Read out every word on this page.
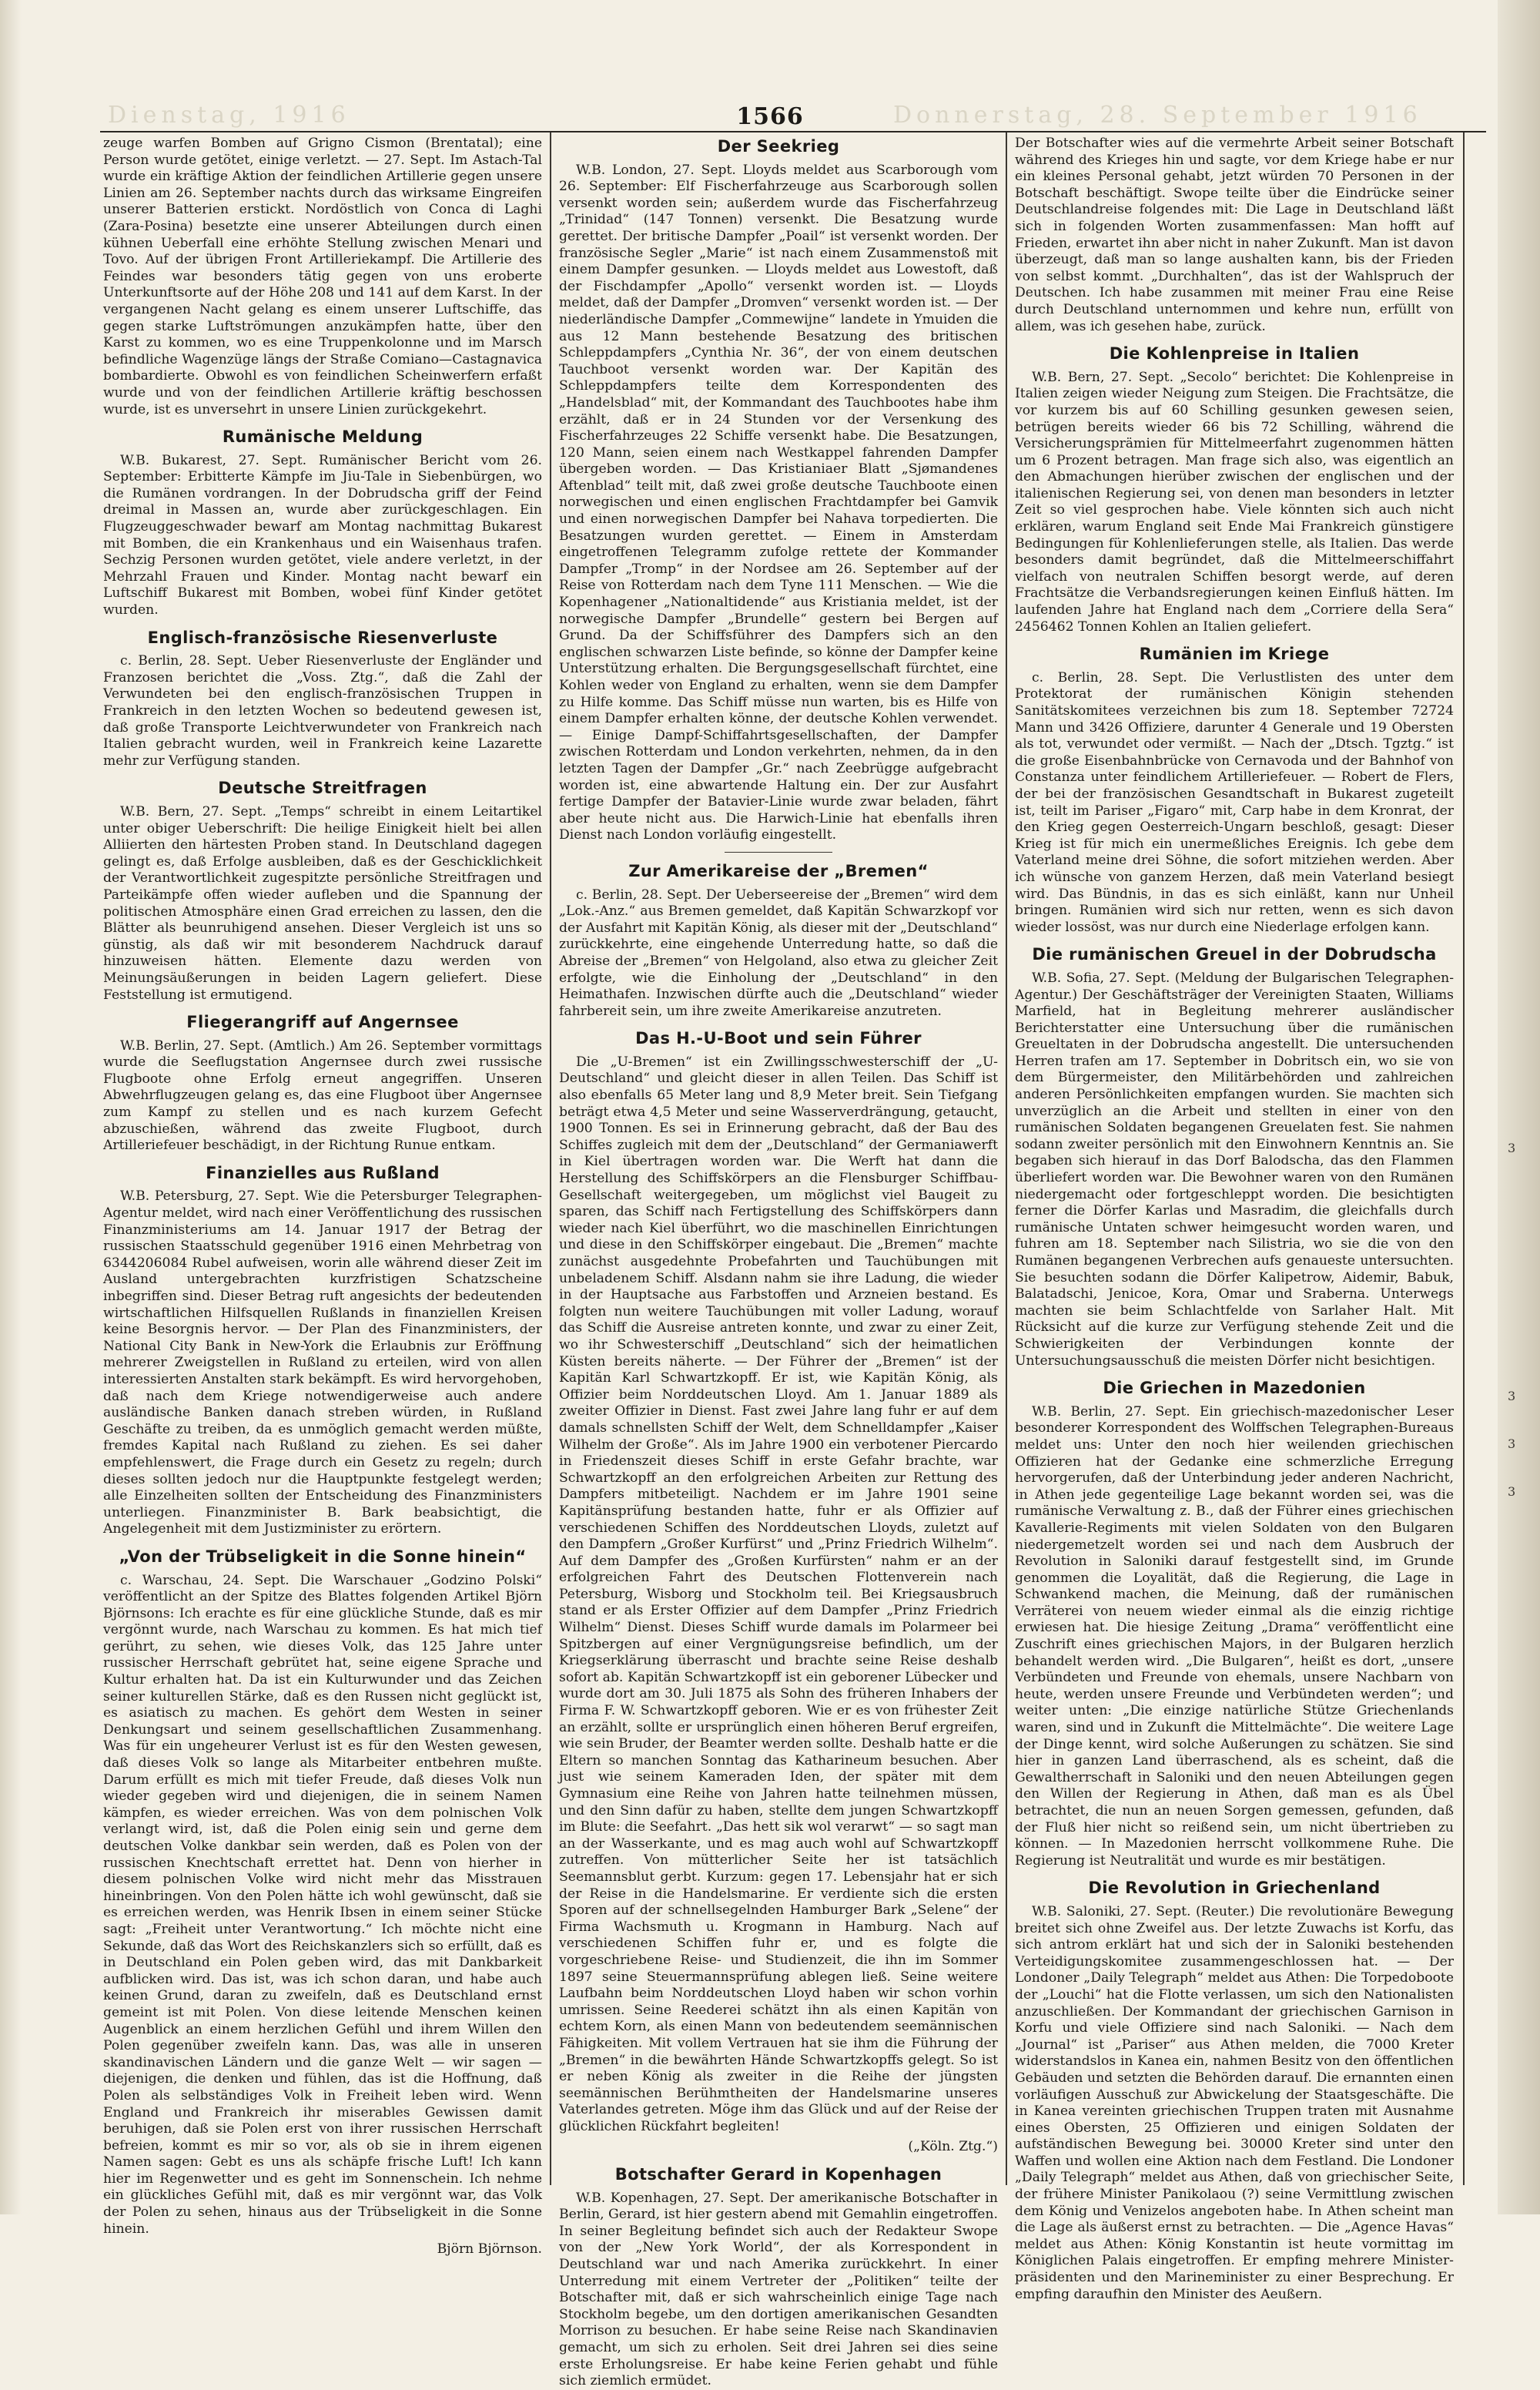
Dienstag, 1916	1566	Donnerstag, 28. September 1916

zeuge warfen Bomben auf Grigno Cismon (Brentatal); eine Person wurde getötet, einige verletzt. — 27. Sept. Im Astach-Tal wurde ein kräftige Aktion der feindlichen Artillerie gegen unsere Linien am 26. September nachts durch das wirksame Eingreifen unserer Batterien erstickt. Nordöstlich von Conca di Laghi (Zara-Posina) besetzte eine unserer Abteilungen durch einen kühnen Ueberfall eine erhöhte Stellung zwischen Menari und Tovo. Auf der übrigen Front Artilleriekampf. Die Artillerie des Feindes war besonders tätig gegen von uns eroberte Unterkunftsorte auf der Höhe 208 und 141 auf dem Karst. In der vergangenen Nacht gelang es einem unserer Luftschiffe, das gegen starke Luftströmungen anzukämpfen hatte, über den Karst zu kommen, wo es eine Truppenkolonne und im Marsch befindliche Wagenzüge längs der Straße Comiano—Castagnavica bombardierte. Obwohl es von feindlichen Scheinwerfern erfaßt wurde und von der feindlichen Artillerie kräftig beschossen wurde, ist es unversehrt in unsere Linien zurückgekehrt.

Rumänische Meldung

W.B. Bukarest, 27. Sept. Rumänischer Bericht vom 26. September: Erbitterte Kämpfe im Jiu-Tale in Siebenbürgen, wo die Rumänen vordrangen. In der Dobrudscha griff der Feind dreimal in Massen an, wurde aber zurückgeschlagen. Ein Flugzeuggeschwader bewarf am Montag nachmittag Bukarest mit Bomben, die ein Krankenhaus und ein Waisenhaus trafen. Sechzig Personen wurden getötet, viele andere verletzt, in der Mehrzahl Frauen und Kinder. Montag nacht bewarf ein Luftschiff Bukarest mit Bomben, wobei fünf Kinder getötet wurden.

Englisch-französische Riesenverluste

c. Berlin, 28. Sept. Ueber Riesenverluste der Engländer und Franzosen berichtet die „Voss. Ztg.“, daß die Zahl der Verwundeten bei den englisch-französischen Truppen in Frankreich in den letzten Wochen so bedeutend gewesen ist, daß große Transporte Leichtverwundeter von Frankreich nach Italien gebracht wurden, weil in Frankreich keine Lazarette mehr zur Verfügung standen.

Deutsche Streitfragen

W.B. Bern, 27. Sept. „Temps“ schreibt in einem Leitartikel unter obiger Ueberschrift: Die heilige Einigkeit hielt bei allen Alliierten den härtesten Proben stand. In Deutschland dagegen gelingt es, daß Erfolge ausbleiben, daß es der Geschicklichkeit der Verantwortlichkeit zugespitzte persönliche Streitfragen und Parteikämpfe offen wieder aufleben und die Spannung der politischen Atmosphäre einen Grad erreichen zu lassen, den die Blätter als beunruhigend ansehen. Dieser Vergleich ist uns so günstig, als daß wir mit besonderem Nachdruck darauf hinzuweisen hätten. Elemente dazu werden von Meinungsäußerungen in beiden Lagern geliefert. Diese Feststellung ist ermutigend.

Fliegerangriff auf Angernsee

W.B. Berlin, 27. Sept. (Amtlich.) Am 26. September vormittags wurde die Seeflugstation Angernsee durch zwei russische Flugboote ohne Erfolg erneut angegriffen. Unseren Abwehrflugzeugen gelang es, das eine Flugboot über Angernsee zum Kampf zu stellen und es nach kurzem Gefecht abzuschießen, während das zweite Flugboot, durch Artilleriefeuer beschädigt, in der Richtung Runue entkam.

Finanzielles aus Rußland

W.B. Petersburg, 27. Sept. Wie die Petersburger Telegraphen-Agentur meldet, wird nach einer Veröffentlichung des russischen Finanzministeriums am 14. Januar 1917 der Betrag der russischen Staatsschuld gegenüber 1916 einen Mehrbetrag von 6344206084 Rubel aufweisen, worin alle während dieser Zeit im Ausland untergebrachten kurzfristigen Schatzscheine inbegriffen sind. Dieser Betrag ruft angesichts der bedeutenden wirtschaftlichen Hilfsquellen Rußlands in finanziellen Kreisen keine Besorgnis hervor. — Der Plan des Finanzministers, der National City Bank in New-York die Erlaubnis zur Eröffnung mehrerer Zweigstellen in Rußland zu erteilen, wird von allen interessierten Anstalten stark bekämpft. Es wird hervorgehoben, daß nach dem Kriege notwendigerweise auch andere ausländische Banken danach streben würden, in Rußland Geschäfte zu treiben, da es unmöglich gemacht werden müßte, fremdes Kapital nach Rußland zu ziehen. Es sei daher empfehlenswert, die Frage durch ein Gesetz zu regeln; durch dieses sollten jedoch nur die Hauptpunkte festgelegt werden; alle Einzelheiten sollten der Entscheidung des Finanzministers unterliegen. Finanzminister B. Bark beabsichtigt, die Angelegenheit mit dem Justizminister zu erörtern.

„Von der Trübseligkeit in die Sonne hinein“

c. Warschau, 24. Sept. Die Warschauer „Godzino Polski“ veröffentlicht an der Spitze des Blattes folgenden Artikel Björn Björnsons: Ich erachte es für eine glückliche Stunde, daß es mir vergönnt wurde, nach Warschau zu kommen. Es hat mich tief gerührt, zu sehen, wie dieses Volk, das 125 Jahre unter russischer Herrschaft gebrütet hat, seine eigene Sprache und Kultur erhalten hat. Da ist ein Kulturwunder und das Zeichen seiner kulturellen Stärke, daß es den Russen nicht geglückt ist, es asiatisch zu machen. Es gehört dem Westen in seiner Denkungsart und seinem gesellschaftlichen Zusammenhang. Was für ein ungeheurer Verlust ist es für den Westen gewesen, daß dieses Volk so lange als Mitarbeiter entbehren mußte. Darum erfüllt es mich mit tiefer Freude, daß dieses Volk nun wieder gegeben wird und diejenigen, die in seinem Namen kämpfen, es wieder erreichen. Was von dem polnischen Volk verlangt wird, ist, daß die Polen einig sein und gerne dem deutschen Volke dankbar sein werden, daß es Polen von der russischen Knechtschaft errettet hat. Denn von hierher in diesem polnischen Volke wird nicht mehr das Misstrauen hineinbringen. Von den Polen hätte ich wohl gewünscht, daß sie es erreichen werden, was Henrik Ibsen in einem seiner Stücke sagt: „Freiheit unter Verantwortung.“ Ich möchte nicht eine Sekunde, daß das Wort des Reichskanzlers sich so erfüllt, daß es in Deutschland ein Polen geben wird, das mit Dankbarkeit aufblicken wird. Das ist, was ich schon daran, und habe auch keinen Grund, daran zu zweifeln, daß es Deutschland ernst gemeint ist mit Polen. Von diese leitende Menschen keinen Augenblick an einem herzlichen Gefühl und ihrem Willen den Polen gegenüber zweifeln kann. Das, was alle in unseren skandinavischen Ländern und die ganze Welt — wir sagen — diejenigen, die denken und fühlen, das ist die Hoffnung, daß Polen als selbständiges Volk in Freiheit leben wird. Wenn England und Frankreich ihr miserables Gewissen damit beruhigen, daß sie Polen erst von ihrer russischen Herrschaft befreien, kommt es mir so vor, als ob sie in ihrem eigenen Namen sagen: Gebt es uns als schäpfe frische Luft! Ich kann hier im Regenwetter und es geht im Sonnenschein. Ich nehme ein glückliches Gefühl mit, daß es mir vergönnt war, das Volk der Polen zu sehen, hinaus aus der Trübseligkeit in die Sonne hinein.

Björn Björnson.
Der Seekrieg

W.B. London, 27. Sept. Lloyds meldet aus Scarborough vom 26. September: Elf Fischerfahrzeuge aus Scarborough sollen versenkt worden sein; außerdem wurde das Fischerfahrzeug „Trinidad“ (147 Tonnen) versenkt. Die Besatzung wurde gerettet. Der britische Dampfer „Poail“ ist versenkt worden. Der französische Segler „Marie“ ist nach einem Zusammenstoß mit einem Dampfer gesunken. — Lloyds meldet aus Lowestoft, daß der Fischdampfer „Apollo“ versenkt worden ist. — Lloyds meldet, daß der Dampfer „Dromven“ versenkt worden ist. — Der niederländische Dampfer „Commewijne“ landete in Ymuiden die aus 12 Mann bestehende Besatzung des britischen Schleppdampfers „Cynthia Nr. 36“, der von einem deutschen Tauchboot versenkt worden war. Der Kapitän des Schleppdampfers teilte dem Korrespondenten des „Handelsblad“ mit, der Kommandant des Tauchbootes habe ihm erzählt, daß er in 24 Stunden vor der Versenkung des Fischerfahrzeuges 22 Schiffe versenkt habe. Die Besatzungen, 120 Mann, seien einem nach Westkappel fahrenden Dampfer übergeben worden. — Das Kristianiaer Blatt „Sjømandenes Aftenblad“ teilt mit, daß zwei große deutsche Tauchboote einen norwegischen und einen englischen Frachtdampfer bei Gamvik und einen norwegischen Dampfer bei Nahava torpedierten. Die Besatzungen wurden gerettet. — Einem in Amsterdam eingetroffenen Telegramm zufolge rettete der Kommander Dampfer „Tromp“ in der Nordsee am 26. September auf der Reise von Rotterdam nach dem Tyne 111 Menschen. — Wie die Kopenhagener „Nationaltidende“ aus Kristiania meldet, ist der norwegische Dampfer „Brundelle“ gestern bei Bergen auf Grund. Da der Schiffsführer des Dampfers sich an den englischen schwarzen Liste befinde, so könne der Dampfer keine Unterstützung erhalten. Die Bergungsgesellschaft fürchtet, eine Kohlen weder von England zu erhalten, wenn sie dem Dampfer zu Hilfe komme. Das Schiff müsse nun warten, bis es Hilfe von einem Dampfer erhalten könne, der deutsche Kohlen verwendet. — Einige Dampf-Schiffahrtsgesellschaften, der Dampfer zwischen Rotterdam und London verkehrten, nehmen, da in den letzten Tagen der Dampfer „Gr.“ nach Zeebrügge aufgebracht worden ist, eine abwartende Haltung ein. Der zur Ausfahrt fertige Dampfer der Batavier-Linie wurde zwar beladen, fährt aber heute nicht aus. Die Harwich-Linie hat ebenfalls ihren Dienst nach London vorläufig eingestellt.

Zur Amerikareise der „Bremen“

c. Berlin, 28. Sept. Der Ueberseereise der „Bremen“ wird dem „Lok.-Anz.“ aus Bremen gemeldet, daß Kapitän Schwarzkopf vor der Ausfahrt mit Kapitän König, als dieser mit der „Deutschland“ zurückkehrte, eine eingehende Unterredung hatte, so daß die Abreise der „Bremen“ von Helgoland, also etwa zu gleicher Zeit erfolgte, wie die Einholung der „Deutschland“ in den Heimathafen. Inzwischen dürfte auch die „Deutschland“ wieder fahrbereit sein, um ihre zweite Amerikareise anzutreten.

Das H.-U-Boot und sein Führer

Die „U-Bremen“ ist ein Zwillingsschwesterschiff der „U-Deutschland“ und gleicht dieser in allen Teilen. Das Schiff ist also ebenfalls 65 Meter lang und 8,9 Meter breit. Sein Tiefgang beträgt etwa 4,5 Meter und seine Wasserverdrängung, getaucht, 1900 Tonnen. Es sei in Erinnerung gebracht, daß der Bau des Schiffes zugleich mit dem der „Deutschland“ der Germaniawerft in Kiel übertragen worden war. Die Werft hat dann die Herstellung des Schiffskörpers an die Flensburger Schiffbau-Gesellschaft weitergegeben, um möglichst viel Baugeit zu sparen, das Schiff nach Fertigstellung des Schiffskörpers dann wieder nach Kiel überführt, wo die maschinellen Einrichtungen und diese in den Schiffskörper eingebaut. Die „Bremen“ machte zunächst ausgedehnte Probefahrten und Tauchübungen mit unbeladenem Schiff. Alsdann nahm sie ihre Ladung, die wieder in der Hauptsache aus Farbstoffen und Arzneien bestand. Es folgten nun weitere Tauchübungen mit voller Ladung, worauf das Schiff die Ausreise antreten konnte, und zwar zu einer Zeit, wo ihr Schwesterschiff „Deutschland“ sich der heimatlichen Küsten bereits näherte. — Der Führer der „Bremen“ ist der Kapitän Karl Schwartzkopff. Er ist, wie Kapitän König, als Offizier beim Norddeutschen Lloyd. Am 1. Januar 1889 als zweiter Offizier in Dienst. Fast zwei Jahre lang fuhr er auf dem damals schnellsten Schiff der Welt, dem Schnelldampfer „Kaiser Wilhelm der Große“. Als im Jahre 1900 ein verbotener Piercardo in Friedenszeit dieses Schiff in erste Gefahr brachte, war Schwartzkopff an den erfolgreichen Arbeiten zur Rettung des Dampfers mitbeteiligt. Nachdem er im Jahre 1901 seine Kapitänsprüfung bestanden hatte, fuhr er als Offizier auf verschiedenen Schiffen des Norddeutschen Lloyds, zuletzt auf den Dampfern „Großer Kurfürst“ und „Prinz Friedrich Wilhelm“. Auf dem Dampfer des „Großen Kurfürsten“ nahm er an der erfolgreichen Fahrt des Deutschen Flottenverein nach Petersburg, Wisborg und Stockholm teil. Bei Kriegsausbruch stand er als Erster Offizier auf dem Dampfer „Prinz Friedrich Wilhelm“ Dienst. Dieses Schiff wurde damals im Polarmeer bei Spitzbergen auf einer Vergnügungsreise befindlich, um der Kriegserklärung überrascht und brachte seine Reise deshalb sofort ab. Kapitän Schwartzkopff ist ein geborener Lübecker und wurde dort am 30. Juli 1875 als Sohn des früheren Inhabers der Firma F. W. Schwartzkopff geboren. Wie er es von frühester Zeit an erzählt, sollte er ursprünglich einen höheren Beruf ergreifen, wie sein Bruder, der Beamter werden sollte. Deshalb hatte er die Eltern so manchen Sonntag das Katharineum besuchen. Aber just wie seinem Kameraden Iden, der später mit dem Gymnasium eine Reihe von Jahren hatte teilnehmen müssen, und den Sinn dafür zu haben, stellte dem jungen Schwartzkopff im Blute: die Seefahrt. „Das hett sik wol verarwt“ — so sagt man an der Wasserkante, und es mag auch wohl auf Schwartzkopff zutreffen. Von mütterlicher Seite her ist tatsächlich Seemannsblut gerbt. Kurzum: gegen 17. Lebensjahr hat er sich der Reise in die Handelsmarine. Er verdiente sich die ersten Sporen auf der schnellsegelnden Hamburger Bark „Selene“ der Firma Wachsmuth u. Krogmann in Hamburg. Nach auf verschiedenen Schiffen fuhr er, und es folgte die vorgeschriebene Reise- und Studienzeit, die ihn im Sommer 1897 seine Steuermannsprüfung ablegen ließ. Seine weitere Laufbahn beim Norddeutschen Lloyd haben wir schon vorhin umrissen. Seine Reederei schätzt ihn als einen Kapitän von echtem Korn, als einen Mann von bedeutendem seemännischen Fähigkeiten. Mit vollem Vertrauen hat sie ihm die Führung der „Bremen“ in die bewährten Hände Schwartzkopffs gelegt. So ist er neben König als zweiter in die Reihe der jüngsten seemännischen Berühmtheiten der Handelsmarine unseres Vaterlandes getreten. Möge ihm das Glück und auf der Reise der glücklichen Rückfahrt begleiten!

(„Köln. Ztg.“)
Botschafter Gerard in Kopenhagen

W.B. Kopenhagen, 27. Sept. Der amerikanische Botschafter in Berlin, Gerard, ist hier gestern abend mit Gemahlin eingetroffen. In seiner Begleitung befindet sich auch der Redakteur Swope von der „New York World“, der als Korrespondent in Deutschland war und nach Amerika zurückkehrt. In einer Unterredung mit einem Vertreter der „Politiken“ teilte der Botschafter mit, daß er sich wahrscheinlich einige Tage nach Stockholm begebe, um den dortigen amerikanischen Gesandten Morrison zu besuchen. Er habe seine Reise nach Skandinavien gemacht, um sich zu erholen. Seit drei Jahren sei dies seine erste Erholungsreise. Er habe keine Ferien gehabt und fühle sich ziemlich ermüdet.

Der Botschafter wies auf die vermehrte Arbeit seiner Botschaft während des Krieges hin und sagte, vor dem Kriege habe er nur ein kleines Personal gehabt, jetzt würden 70 Personen in der Botschaft beschäftigt. Swope teilte über die Eindrücke seiner Deutschlandreise folgendes mit: Die Lage in Deutschland läßt sich in folgenden Worten zusammenfassen: Man hofft auf Frieden, erwartet ihn aber nicht in naher Zukunft. Man ist davon überzeugt, daß man so lange aushalten kann, bis der Frieden von selbst kommt. „Durchhalten“, das ist der Wahlspruch der Deutschen. Ich habe zusammen mit meiner Frau eine Reise durch Deutschland unternommen und kehre nun, erfüllt von allem, was ich gesehen habe, zurück.

Die Kohlenpreise in Italien

W.B. Bern, 27. Sept. „Secolo“ berichtet: Die Kohlenpreise in Italien zeigen wieder Neigung zum Steigen. Die Frachtsätze, die vor kurzem bis auf 60 Schilling gesunken gewesen seien, betrügen bereits wieder 66 bis 72 Schilling, während die Versicherungsprämien für Mittelmeerfahrt zugenommen hätten um 6 Prozent betragen. Man frage sich also, was eigentlich an den Abmachungen hierüber zwischen der englischen und der italienischen Regierung sei, von denen man besonders in letzter Zeit so viel gesprochen habe. Viele könnten sich auch nicht erklären, warum England seit Ende Mai Frankreich günstigere Bedingungen für Kohlenlieferungen stelle, als Italien. Das werde besonders damit begründet, daß die Mittelmeerschiffahrt vielfach von neutralen Schiffen besorgt werde, auf deren Frachtsätze die Verbandsregierungen keinen Einfluß hätten. Im laufenden Jahre hat England nach dem „Corriere della Sera“ 2456462 Tonnen Kohlen an Italien geliefert.

Rumänien im Kriege

c. Berlin, 28. Sept. Die Verlustlisten des unter dem Protektorat der rumänischen Königin stehenden Sanitätskomitees verzeichnen bis zum 18. September 72724 Mann und 3426 Offiziere, darunter 4 Generale und 19 Obersten als tot, verwundet oder vermißt. — Nach der „Dtsch. Tgztg.“ ist die große Eisenbahnbrücke von Cernavoda und der Bahnhof von Constanza unter feindlichem Artilleriefeuer. — Robert de Flers, der bei der französischen Gesandtschaft in Bukarest zugeteilt ist, teilt im Pariser „Figaro“ mit, Carp habe in dem Kronrat, der den Krieg gegen Oesterreich-Ungarn beschloß, gesagt: Dieser Krieg ist für mich ein unermeßliches Ereignis. Ich gebe dem Vaterland meine drei Söhne, die sofort mitziehen werden. Aber ich wünsche von ganzem Herzen, daß mein Vaterland besiegt wird. Das Bündnis, in das es sich einläßt, kann nur Unheil bringen. Rumänien wird sich nur retten, wenn es sich davon wieder lossöst, was nur durch eine Niederlage erfolgen kann.

Die rumänischen Greuel in der Dobrudscha

W.B. Sofia, 27. Sept. (Meldung der Bulgarischen Telegraphen-Agentur.) Der Geschäftsträger der Vereinigten Staaten, Williams Marfield, hat in Begleitung mehrerer ausländischer Berichterstatter eine Untersuchung über die rumänischen Greueltaten in der Dobrudscha angestellt. Die untersuchenden Herren trafen am 17. September in Dobritsch ein, wo sie von dem Bürgermeister, den Militärbehörden und zahlreichen anderen Persönlichkeiten empfangen wurden. Sie machten sich unverzüglich an die Arbeit und stellten in einer von den rumänischen Soldaten begangenen Greuelaten fest. Sie nahmen sodann zweiter persönlich mit den Einwohnern Kenntnis an. Sie begaben sich hierauf in das Dorf Balodscha, das den Flammen überliefert worden war. Die Bewohner waren von den Rumänen niedergemacht oder fortgeschleppt worden. Die besichtigten ferner die Dörfer Karlas und Masradim, die gleichfalls durch rumänische Untaten schwer heimgesucht worden waren, und fuhren am 18. September nach Silistria, wo sie die von den Rumänen begangenen Verbrechen aufs genaueste untersuchten. Sie besuchten sodann die Dörfer Kalipetrow, Aidemir, Babuk, Balatadschi, Jenicoe, Kora, Omar und Sraberna. Unterwegs machten sie beim Schlachtfelde von Sarlaher Halt. Mit Rücksicht auf die kurze zur Verfügung stehende Zeit und die Schwierigkeiten der Verbindungen konnte der Untersuchungsausschuß die meisten Dörfer nicht besichtigen.

Die Griechen in Mazedonien

W.B. Berlin, 27. Sept. Ein griechisch-mazedonischer Leser besonderer Korrespondent des Wolffschen Telegraphen-Bureaus meldet uns: Unter den noch hier weilenden griechischen Offizieren hat der Gedanke eine schmerzliche Erregung hervorgerufen, daß der Unterbindung jeder anderen Nachricht, in Athen jede gegenteilige Lage bekannt worden sei, was die rumänische Verwaltung z. B., daß der Führer eines griechischen Kavallerie-Regiments mit vielen Soldaten von den Bulgaren niedergemetzelt worden sei und nach dem Ausbruch der Revolution in Saloniki darauf festgestellt sind, im Grunde genommen die Loyalität, daß die Regierung, die Lage in Schwankend machen, die Meinung, daß der rumänischen Verräterei von neuem wieder einmal als die einzig richtige erwiesen hat. Die hiesige Zeitung „Drama“ veröffentlicht eine Zuschrift eines griechischen Majors, in der Bulgaren herzlich behandelt werden wird. „Die Bulgaren“, heißt es dort, „unsere Verbündeten und Freunde von ehemals, unsere Nachbarn von heute, werden unsere Freunde und Verbündeten werden“; und weiter unten: „Die einzige natürliche Stütze Griechenlands waren, sind und in Zukunft die Mittelmächte“. Die weitere Lage der Dinge kennt, wird solche Außerungen zu schätzen. Sie sind hier in ganzen Land überraschend, als es scheint, daß die Gewaltherrschaft in Saloniki und den neuen Abteilungen gegen den Willen der Regierung in Athen, daß man es als Übel betrachtet, die nun an neuen Sorgen gemessen, gefunden, daß der Fluß hier nicht so reißend sein, um nicht übertrieben zu können. — In Mazedonien herrscht vollkommene Ruhe. Die Regierung ist Neutralität und wurde es mir bestätigen.

Die Revolution in Griechenland

W.B. Saloniki, 27. Sept. (Reuter.) Die revolutionäre Bewegung breitet sich ohne Zweifel aus. Der letzte Zuwachs ist Korfu, das sich antrom erklärt hat und sich der in Saloniki bestehenden Verteidigungskomitee zusammengeschlossen hat. — Der Londoner „Daily Telegraph“ meldet aus Athen: Die Torpedoboote der „Louchi“ hat die Flotte verlassen, um sich den Nationalisten anzuschließen. Der Kommandant der griechischen Garnison in Korfu und viele Offiziere sind nach Saloniki. — Nach dem „Journal“ ist „Pariser“ aus Athen melden, die 7000 Kreter widerstandslos in Kanea ein, nahmen Besitz von den öffentlichen Gebäuden und setzten die Behörden darauf. Die ernannten einen vorläufigen Ausschuß zur Abwickelung der Staatsgeschäfte. Die in Kanea vereinten griechischen Truppen traten mit Ausnahme eines Obersten, 25 Offizieren und einigen Soldaten der aufständischen Bewegung bei. 30000 Kreter sind unter den Waffen und wollen eine Aktion nach dem Festland. Die Londoner „Daily Telegraph“ meldet aus Athen, daß von griechischer Seite, der frühere Minister Panikolaou (?) seine Vermittlung zwischen dem König und Venizelos angeboten habe. In Athen scheint man die Lage als äußerst ernst zu betrachten. — Die „Agence Havas“ meldet aus Athen: König Konstantin ist heute vormittag im Königlichen Palais eingetroffen. Er empfing mehrere Minister-präsidenten und den Marineminister zu einer Besprechung. Er empfing daraufhin den Minister des Aeußern.

3
3
3
3
